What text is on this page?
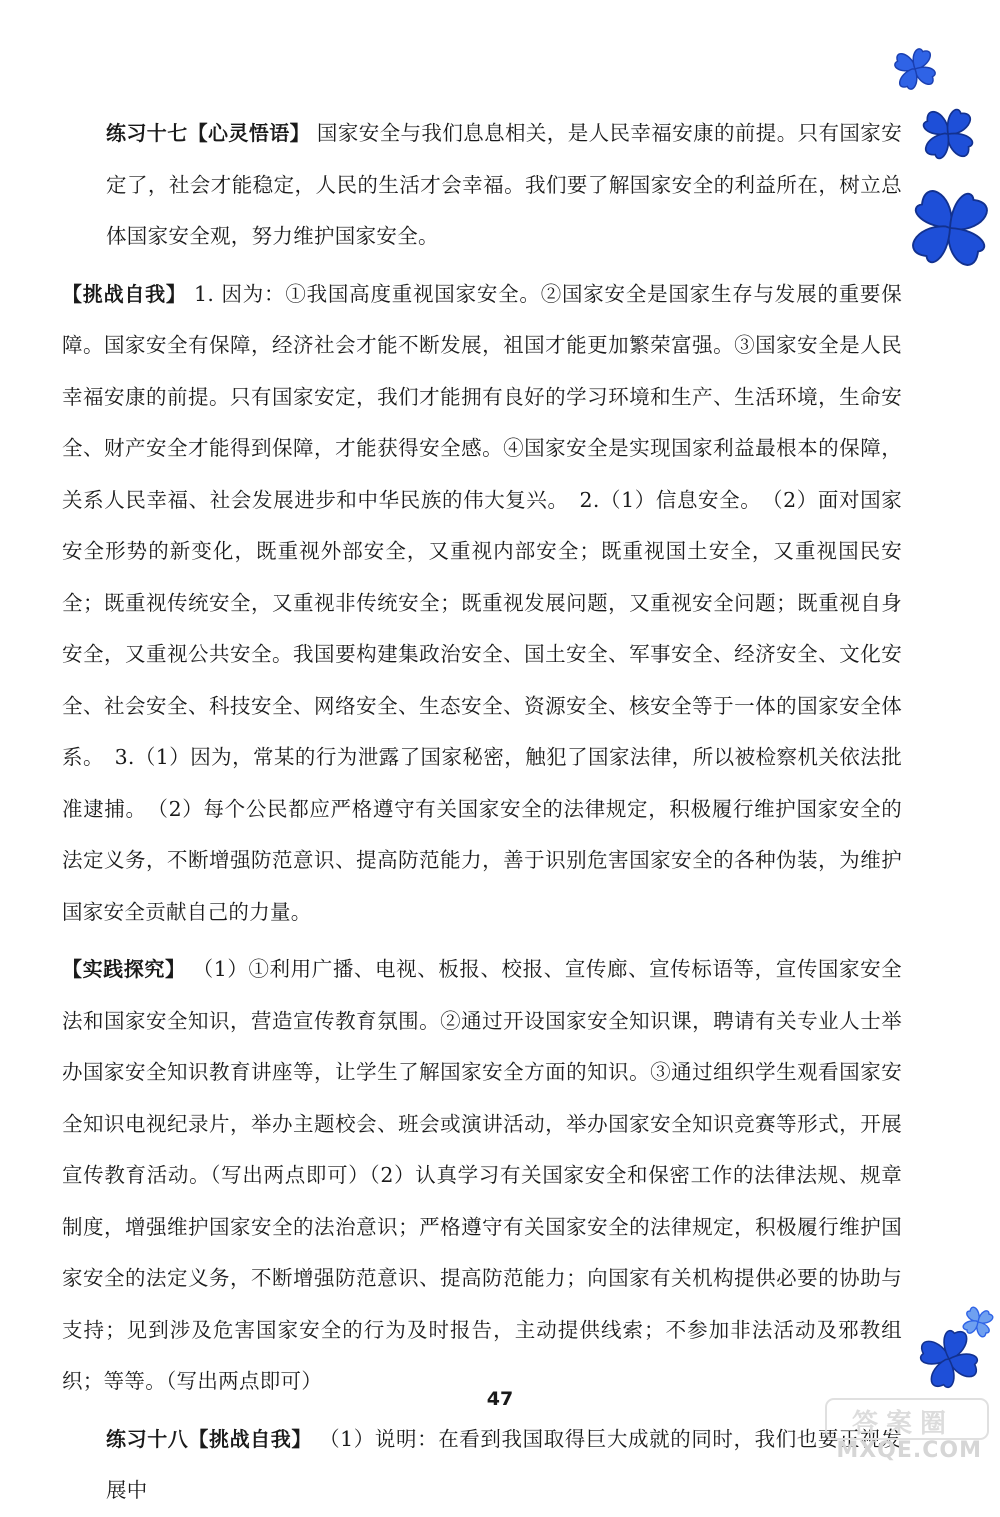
练习十七【心灵悟语】 国家安全与我们息息相关，是人民幸福安康的前提。只有国家安定了，社会才能稳定，人民的生活才会幸福。我们要了解国家安全的利益所在，树立总体国家安全观，努力维护国家安全。

【挑战自我】 1. 因为：①我国高度重视国家安全。②国家安全是国家生存与发展的重要保障。国家安全有保障，经济社会才能不断发展，祖国才能更加繁荣富强。③国家安全是人民幸福安康的前提。只有国家安定，我们才能拥有良好的学习环境和生产、生活环境，生命安全、财产安全才能得到保障，才能获得安全感。④国家安全是实现国家利益最根本的保障，关系人民幸福、社会发展进步和中华民族的伟大复兴。　2.（1）信息安全。　（2）面对国家安全形势的新变化，既重视外部安全，又重视内部安全；既重视国土安全，又重视国民安全；既重视传统安全，又重视非传统安全；既重视发展问题，又重视安全问题；既重视自身安全，又重视公共安全。我国要构建集政治安全、国土安全、军事安全、经济安全、文化安全、社会安全、科技安全、网络安全、生态安全、资源安全、核安全等于一体的国家安全体系。　3.（1）因为，常某的行为泄露了国家秘密，触犯了国家法律，所以被检察机关依法批准逮捕。　（2）每个公民都应严格遵守有关国家安全的法律规定，积极履行维护国家安全的法定义务，不断增强防范意识、提高防范能力，善于识别危害国家安全的各种伪装，为维护国家安全贡献自己的力量。

【实践探究】 （1）①利用广播、电视、板报、校报、宣传廊、宣传标语等，宣传国家安全法和国家安全知识，营造宣传教育氛围。②通过开设国家安全知识课，聘请有关专业人士举办国家安全知识教育讲座等，让学生了解国家安全方面的知识。③通过组织学生观看国家安全知识电视纪录片，举办主题校会、班会或演讲活动，举办国家安全知识竞赛等形式，开展宣传教育活动。（写出两点即可）（2）认真学习有关国家安全和保密工作的法律法规、规章制度，增强维护国家安全的法治意识；严格遵守有关国家安全的法律规定，积极履行维护国家安全的法定义务，不断增强防范意识、提高防范能力；向国家有关机构提供必要的协助与支持；见到涉及危害国家安全的行为及时报告，主动提供线索；不参加非法活动及邪教组织；等等。（写出两点即可）

练习十八【挑战自我】 （1）说明：在看到我国取得巨大成就的同时，我们也要正视发展中

47
答案圈
MXQE.COM
